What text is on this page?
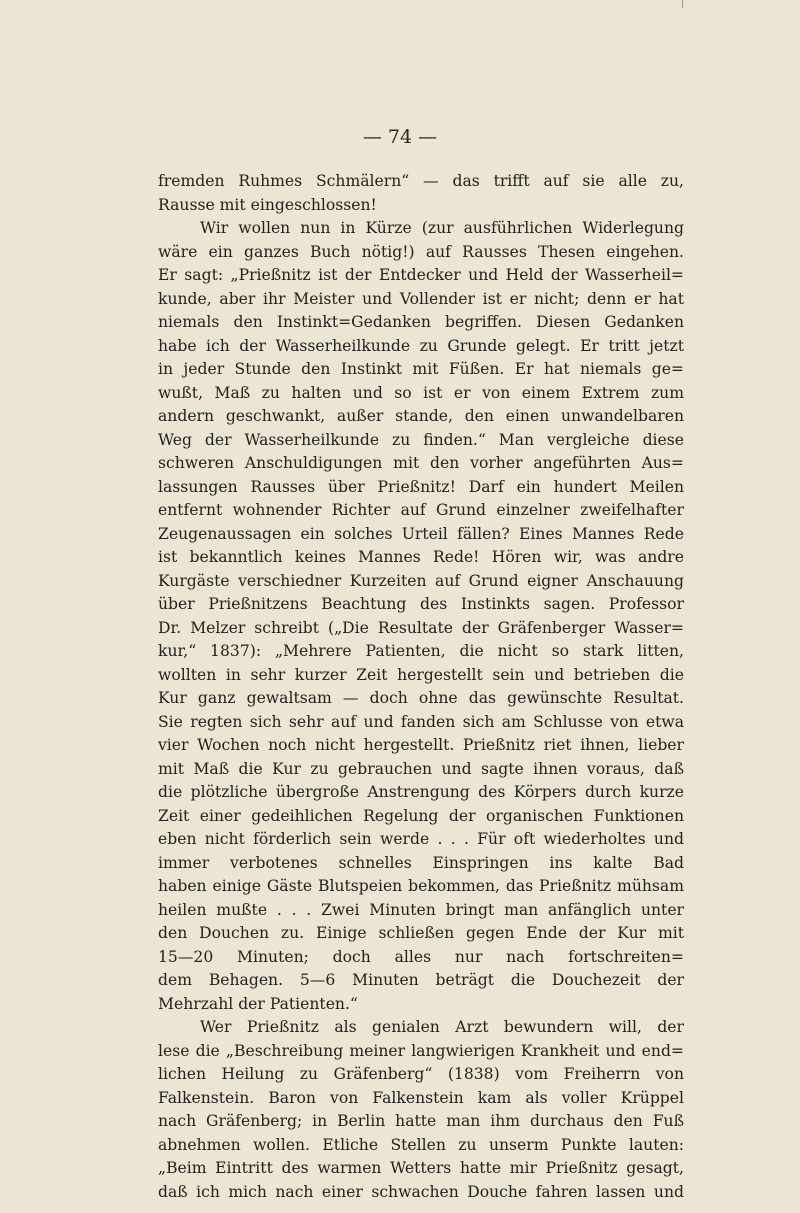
— 74 —
fremden Ruhmes Schmälern“ — das trifft auf sie alle zu,
Rausse mit eingeschlossen!
Wir wollen nun in Kürze (zur ausführlichen Widerlegung
wäre ein ganzes Buch nötig!) auf Rausses Thesen eingehen.
Er sagt: „Prießnitz ist der Entdecker und Held der Wasserheil=
kunde, aber ihr Meister und Vollender ist er nicht; denn er hat
niemals den Instinkt=Gedanken begriffen. Diesen Gedanken
habe ich der Wasserheilkunde zu Grunde gelegt. Er tritt jetzt
in jeder Stunde den Instinkt mit Füßen. Er hat niemals ge=
wußt, Maß zu halten und so ist er von einem Extrem zum
andern geschwankt, außer stande, den einen unwandelbaren
Weg der Wasserheilkunde zu finden.“ Man vergleiche diese
schweren Anschuldigungen mit den vorher angeführten Aus=
lassungen Rausses über Prießnitz! Darf ein hundert Meilen
entfernt wohnender Richter auf Grund einzelner zweifelhafter
Zeugenaussagen ein solches Urteil fällen? Eines Mannes Rede
ist bekanntlich keines Mannes Rede! Hören wir, was andre
Kurgäste verschiedner Kurzeiten auf Grund eigner Anschauung
über Prießnitzens Beachtung des Instinkts sagen. Professor
Dr. Melzer schreibt („Die Resultate der Gräfenberger Wasser=
kur,“ 1837): „Mehrere Patienten, die nicht so stark litten,
wollten in sehr kurzer Zeit hergestellt sein und betrieben die
Kur ganz gewaltsam — doch ohne das gewünschte Resultat.
Sie regten sich sehr auf und fanden sich am Schlusse von etwa
vier Wochen noch nicht hergestellt. Prießnitz riet ihnen, lieber
mit Maß die Kur zu gebrauchen und sagte ihnen voraus, daß
die plötzliche übergroße Anstrengung des Körpers durch kurze
Zeit einer gedeihlichen Regelung der organischen Funktionen
eben nicht förderlich sein werde . . . Für oft wiederholtes und
immer verbotenes schnelles Einspringen ins kalte Bad
haben einige Gäste Blutspeien bekommen, das Prießnitz mühsam
heilen mußte . . . Zwei Minuten bringt man anfänglich unter
den Douchen zu. Einige schließen gegen Ende der Kur mit
15—20 Minuten; doch alles nur nach fortschreiten=
dem Behagen. 5—6 Minuten beträgt die Douchezeit der
Mehrzahl der Patienten.“
Wer Prießnitz als genialen Arzt bewundern will, der
lese die „Beschreibung meiner langwierigen Krankheit und end=
lichen Heilung zu Gräfenberg“ (1838) vom Freiherrn von
Falkenstein. Baron von Falkenstein kam als voller Krüppel
nach Gräfenberg; in Berlin hatte man ihm durchaus den Fuß
abnehmen wollen. Etliche Stellen zu unserm Punkte lauten:
„Beim Eintritt des warmen Wetters hatte mir Prießnitz gesagt,
daß ich mich nach einer schwachen Douche fahren lassen und
